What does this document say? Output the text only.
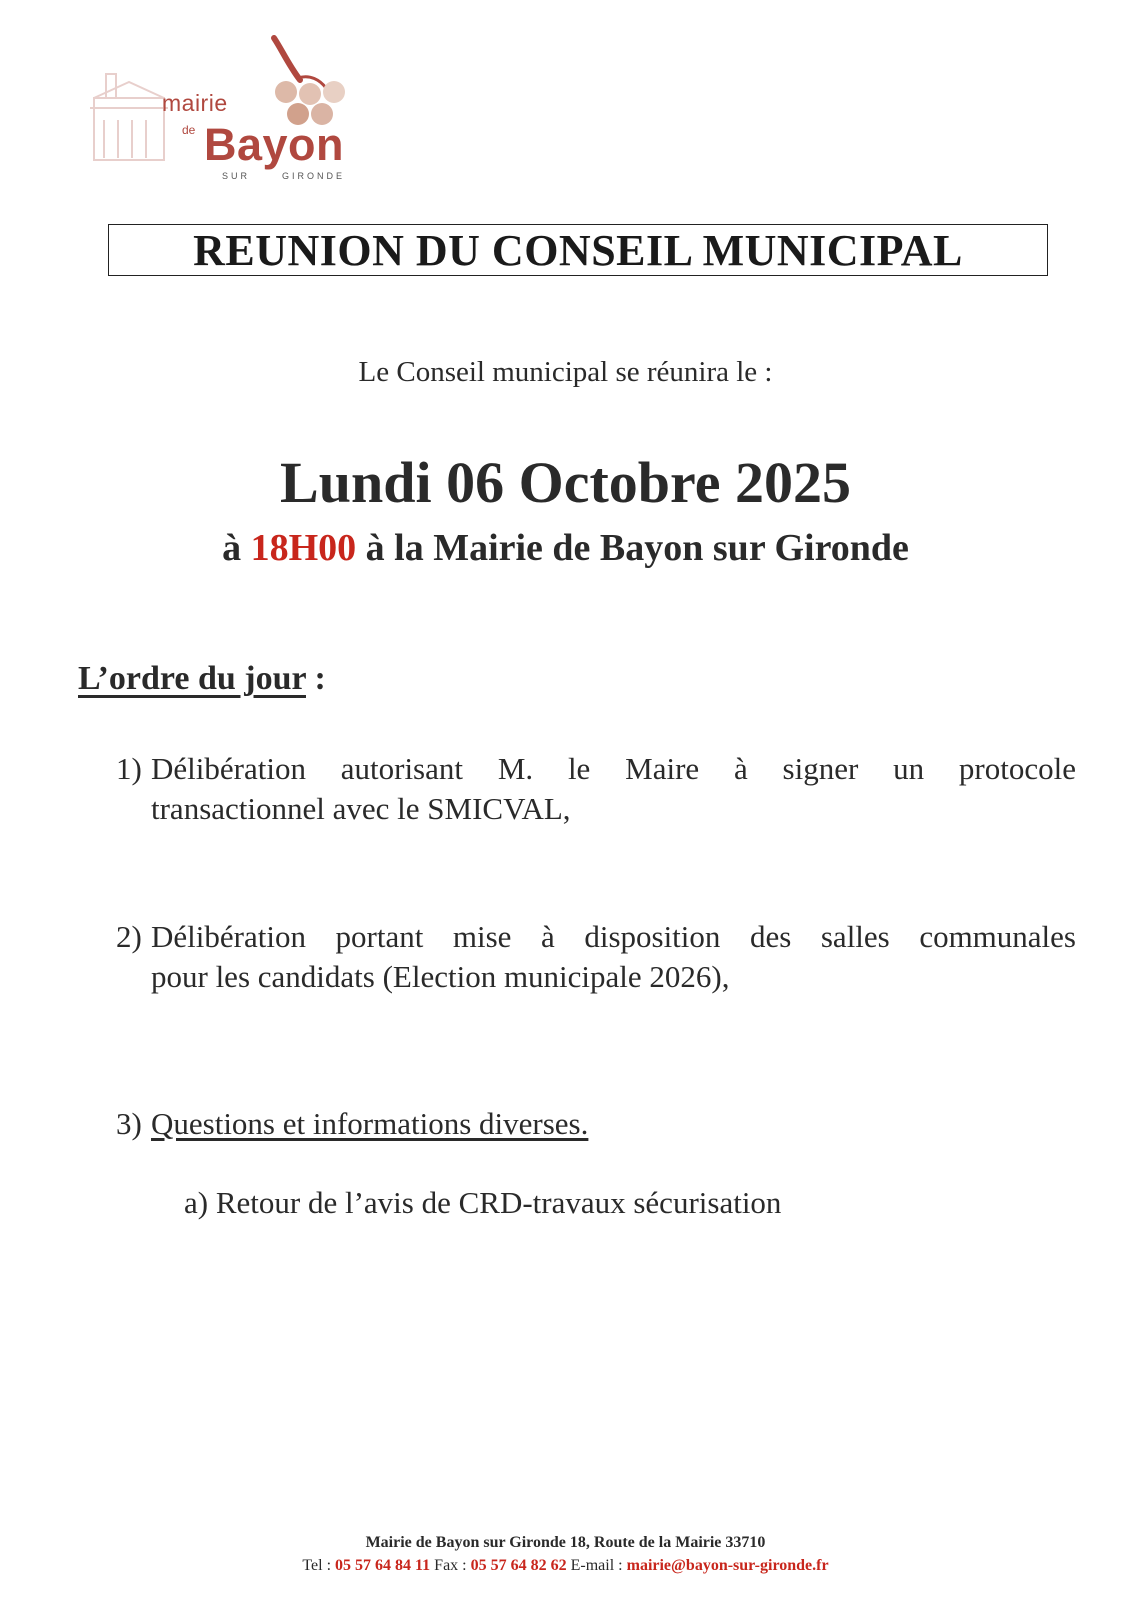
mairie
de Bayon
SUR	GIRONDE
REUNION DU CONSEIL MUNICIPAL
Le Conseil municipal se réunira le :
Lundi 06 Octobre 2025
à 18H00 à la Mairie de Bayon sur Gironde
L’ordre du jour :
1) Délibération autorisant M. le Maire à signer un protocole
transactionnel avec le SMICVAL,
2) Délibération portant mise à disposition des salles communales
pour les candidats (Election municipale 2026),
3) Questions et informations diverses.
a) Retour de l’avis de CRD-travaux sécurisation
Mairie de Bayon sur Gironde 18, Route de la Mairie 33710
Tel : 05 57 64 84 11 Fax : 05 57 64 82 62 E-mail : mairie@bayon-sur-gironde.fr
